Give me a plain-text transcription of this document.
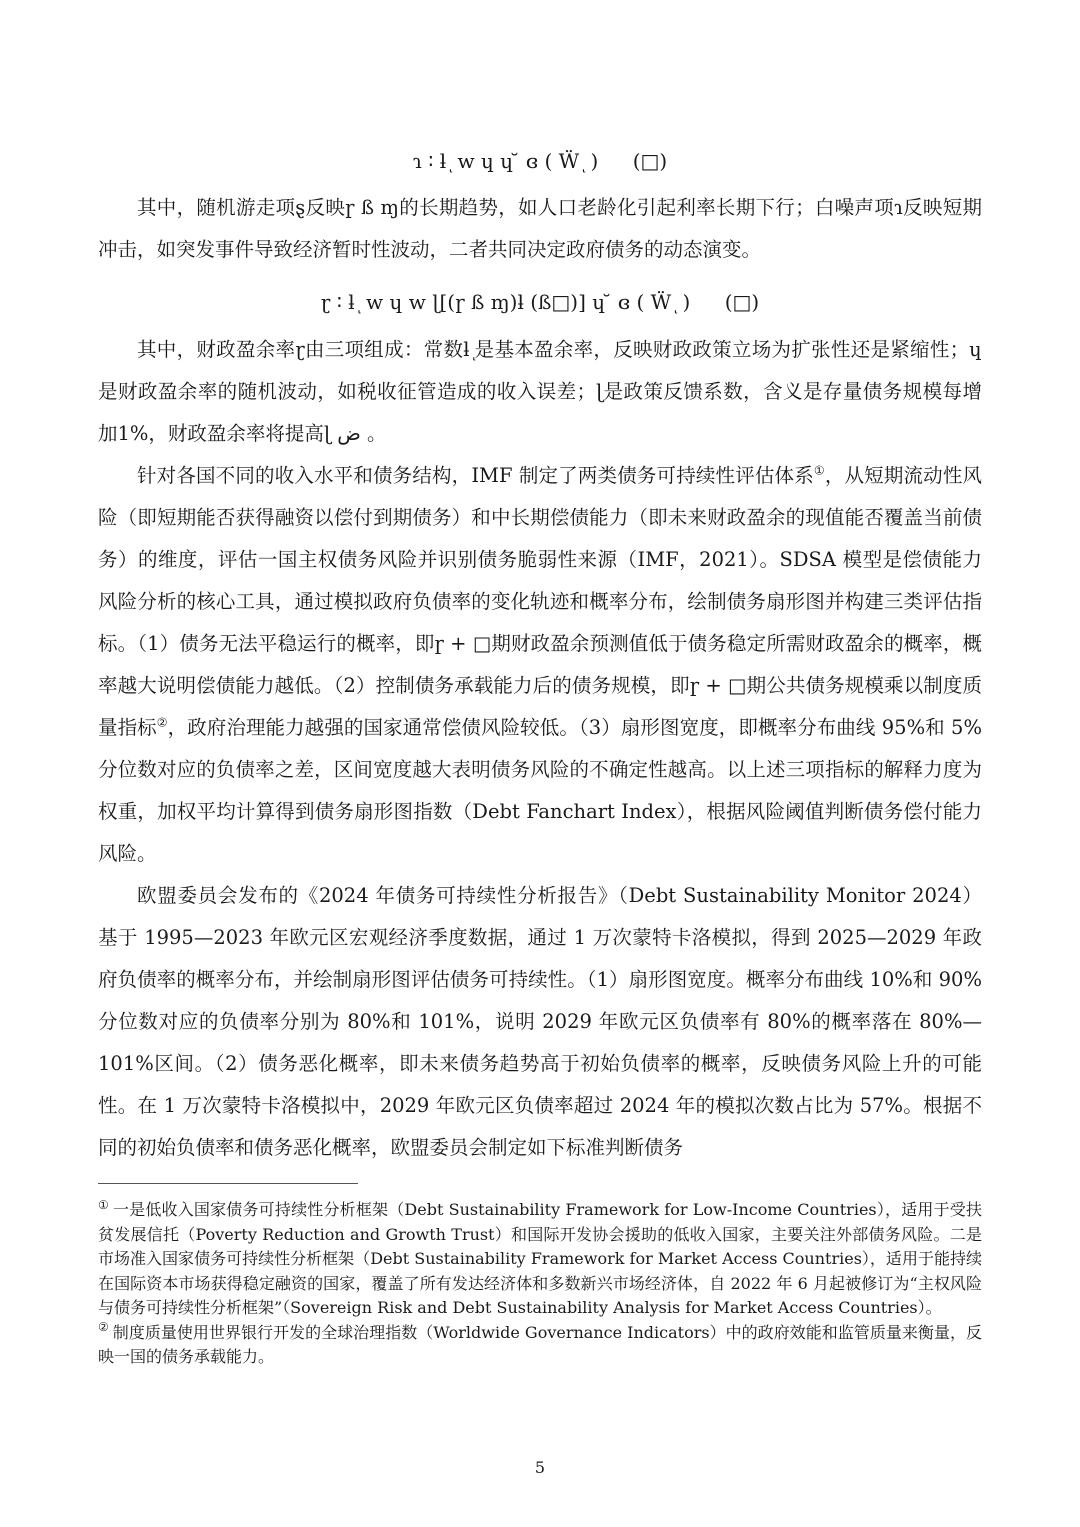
ɿ ∶ ƚ ͅ ᴡ ɥ ɥ ̆ ɞ ( Ẅ ͅ ) (□)

其中，随机游走项ȿ反映ɼ ß ɱ的长期趋势，如人口老龄化引起利率长期下行；白噪声项ɿ反映短期冲击，如突发事件导致经济暂时性波动，二者共同决定政府债务的动态演变。

ɽ ∶ ƚ ͅ ᴡ ɥ ᴡ ɭ[(ɼ ß ɱ)ƚ (ß□)] ɥ ̆ ɞ ( Ẅ ͅ ) (□)

其中，财政盈余率ɽ由三项组成：常数ƚ ͅ是基本盈余率，反映财政政策立场为扩张性还是紧缩性；ɥ是财政盈余率的随机波动，如税收征管造成的收入误差；ɭ是政策反馈系数，含义是存量债务规模每增加1%，财政盈余率将提高ɭ ض 。

针对各国不同的收入水平和债务结构，IMF 制定了两类债务可持续性评估体系①，从短期流动性风险（即短期能否获得融资以偿付到期债务）和中长期偿债能力（即未来财政盈余的现值能否覆盖当前债务）的维度，评估一国主权债务风险并识别债务脆弱性来源（IMF，2021）。SDSA 模型是偿债能力风险分析的核心工具，通过模拟政府负债率的变化轨迹和概率分布，绘制债务扇形图并构建三类评估指标。（1）债务无法平稳运行的概率，即ɼ + □期财政盈余预测值低于债务稳定所需财政盈余的概率，概率越大说明偿债能力越低。（2）控制债务承载能力后的债务规模，即ɼ + □期公共债务规模乘以制度质量指标②，政府治理能力越强的国家通常偿债风险较低。（3）扇形图宽度，即概率分布曲线 95%和 5%分位数对应的负债率之差，区间宽度越大表明债务风险的不确定性越高。以上述三项指标的解释力度为权重，加权平均计算得到债务扇形图指数（Debt Fanchart Index），根据风险阈值判断债务偿付能力风险。

欧盟委员会发布的《2024 年债务可持续性分析报告》（Debt Sustainability Monitor 2024）基于 1995—2023 年欧元区宏观经济季度数据，通过 1 万次蒙特卡洛模拟，得到 2025—2029 年政府负债率的概率分布，并绘制扇形图评估债务可持续性。（1）扇形图宽度。概率分布曲线 10%和 90%分位数对应的负债率分别为 80%和 101%，说明 2029 年欧元区负债率有 80%的概率落在 80%—101%区间。（2）债务恶化概率，即未来债务趋势高于初始负债率的概率，反映债务风险上升的可能性。在 1 万次蒙特卡洛模拟中，2029 年欧元区负债率超过 2024 年的模拟次数占比为 57%。根据不同的初始负债率和债务恶化概率，欧盟委员会制定如下标准判断债务

① 一是低收入国家债务可持续性分析框架（Debt Sustainability Framework for Low-Income Countries），适用于受扶贫发展信托（Poverty Reduction and Growth Trust）和国际开发协会援助的低收入国家，主要关注外部债务风险。二是市场准入国家债务可持续性分析框架（Debt Sustainability Framework for Market Access Countries），适用于能持续在国际资本市场获得稳定融资的国家，覆盖了所有发达经济体和多数新兴市场经济体，自 2022 年 6 月起被修订为“主权风险与债务可持续性分析框架”（Sovereign Risk and Debt Sustainability Analysis for Market Access Countries）。

② 制度质量使用世界银行开发的全球治理指数（Worldwide Governance Indicators）中的政府效能和监管质量来衡量，反映一国的债务承载能力。

5
